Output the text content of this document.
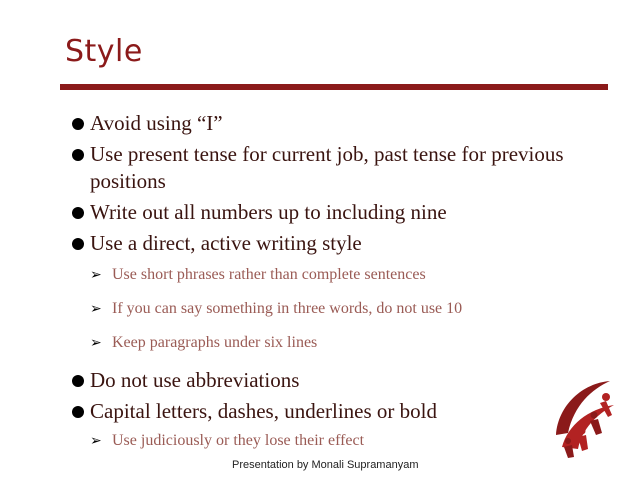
Style
Avoid using “I”
Use present tense for current job, past tense for previous positions
Write out all numbers up to including nine
Use a direct, active writing style
➢ Use short phrases rather than complete sentences
➢ If you can say something in three words, do not use 10
➢ Keep paragraphs under six lines
Do not use abbreviations
Capital letters, dashes, underlines or bold
➢ Use judiciously or they lose their effect
Presentation by Monali Supramanyam
